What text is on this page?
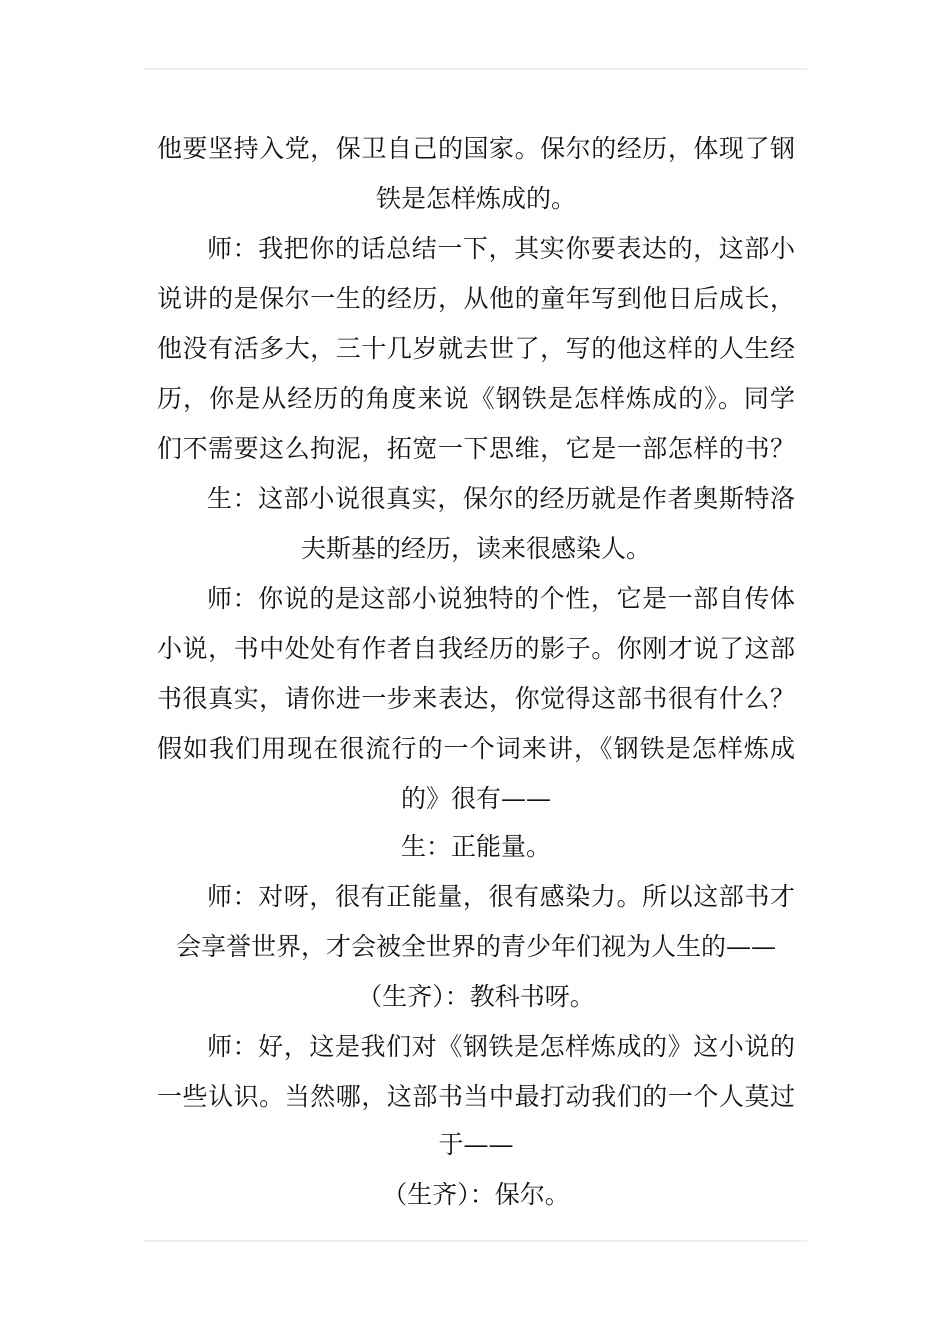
他要坚持入党，保卫自己的国家。保尔的经历，体现了钢
铁是怎样炼成的。
师：我把你的话总结一下，其实你要表达的，这部小
说讲的是保尔一生的经历，从他的童年写到他日后成长，
他没有活多大，三十几岁就去世了，写的他这样的人生经
历，你是从经历的角度来说《钢铁是怎样炼成的》。同学
们不需要这么拘泥，拓宽一下思维，它是一部怎样的书？
生：这部小说很真实，保尔的经历就是作者奥斯特洛
夫斯基的经历，读来很感染人。
师：你说的是这部小说独特的个性，它是一部自传体
小说，书中处处有作者自我经历的影子。你刚才说了这部
书很真实，请你进一步来表达，你觉得这部书很有什么？
假如我们用现在很流行的一个词来讲，《钢铁是怎样炼成
的》很有——
生：正能量。
师：对呀，很有正能量，很有感染力。所以这部书才
会享誉世界，才会被全世界的青少年们视为人生的——
（生齐）：教科书呀。
师：好，这是我们对《钢铁是怎样炼成的》这小说的
一些认识。当然哪，这部书当中最打动我们的一个人莫过
于——
（生齐）：保尔。
